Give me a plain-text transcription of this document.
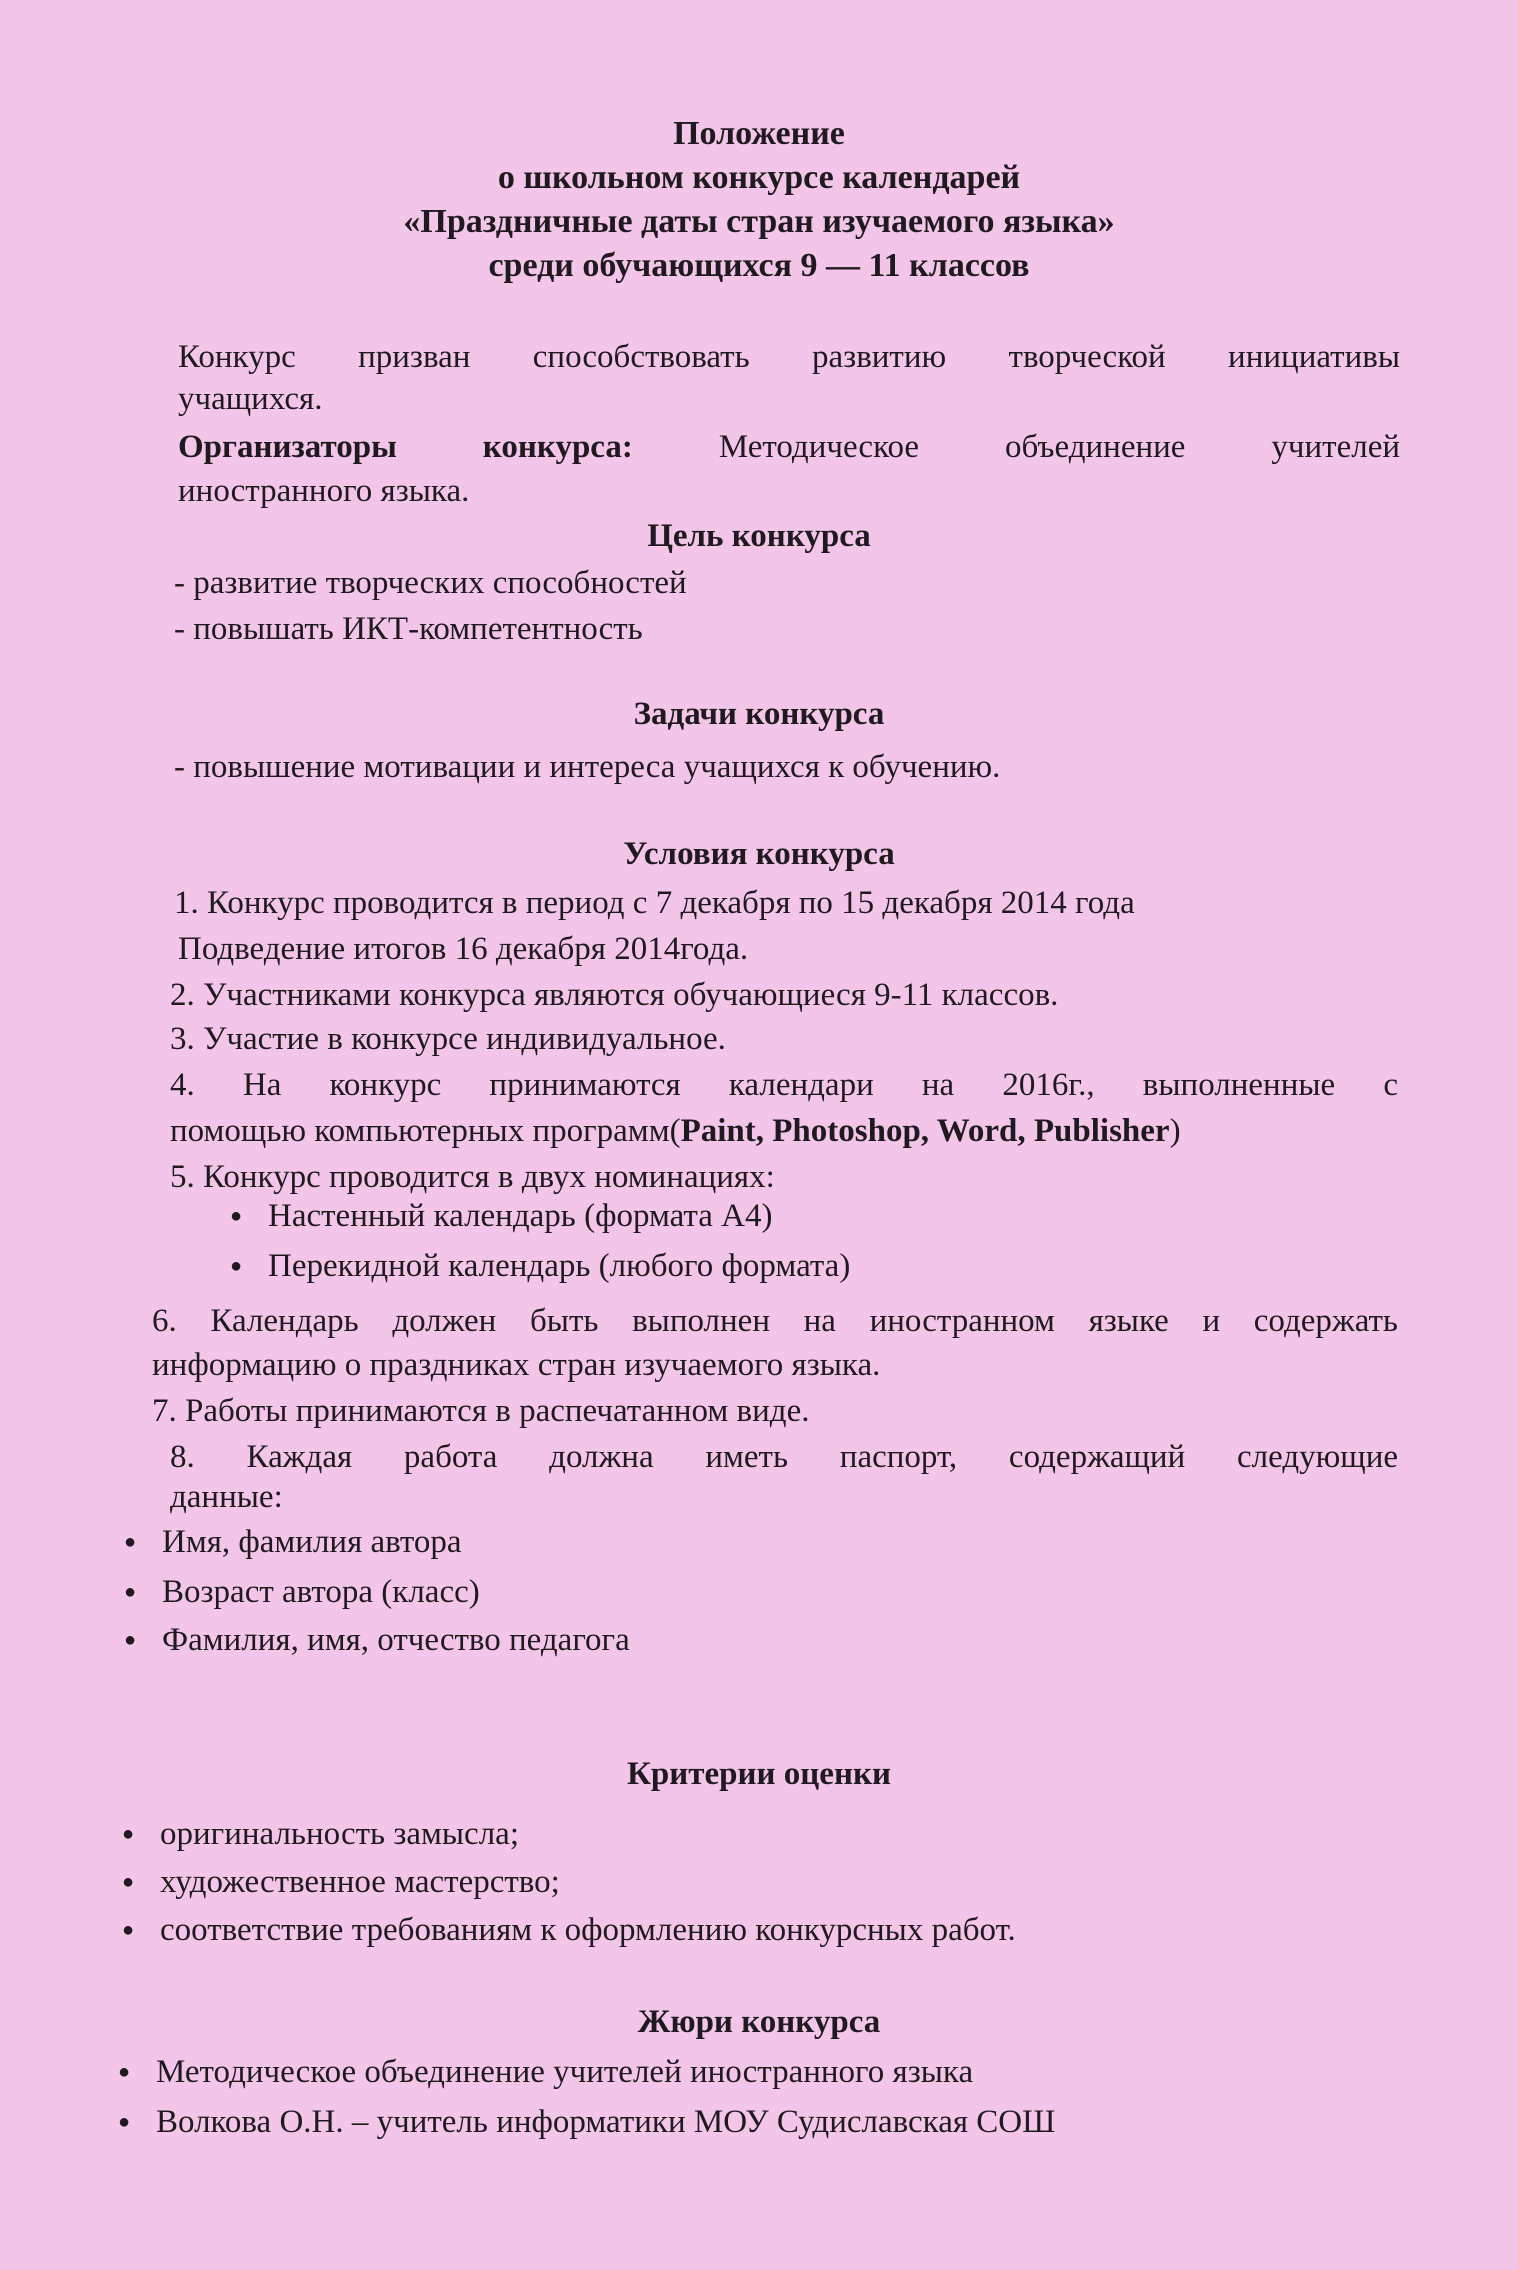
Положение
о школьном конкурсе календарей
«Праздничные даты стран изучаемого языка»
среди обучающихся 9 — 11 классов
Конкурс призван способствовать развитию творческой инициативы
учащихся.
Организаторы конкурса:	Методическое объединение учителей
иностранного языка.
Цель конкурса
- развитие творческих способностей
- повышать ИКТ-компетентность
Задачи конкурса
- повышение мотивации и интереса учащихся к обучению.
Условия конкурса
1. Конкурс проводится в период с 7 декабря по 15 декабря 2014 года
Подведение итогов 16 декабря 2014года.
2. Участниками конкурса являются обучающиеся 9-11 классов.
3. Участие в конкурсе индивидуальное.
4. На конкурс принимаются календари на 2016г., выполненные с
помощью компьютерных программ(Paint, Photoshop, Word, Publisher)
5. Конкурс проводится в двух номинациях:
● Настенный календарь (формата А4)
● Перекидной календарь (любого формата)
6. Календарь должен быть выполнен на иностранном языке и содержать
информацию о праздниках стран изучаемого языка.
7. Работы принимаются в распечатанном виде.
8. Каждая работа должна иметь паспорт, содержащий следующие
данные:
● Имя, фамилия автора
● Возраст автора (класс)
● Фамилия, имя, отчество педагога
Критерии оценки
● оригинальность замысла;
● художественное мастерство;
● соответствие требованиям к оформлению конкурсных работ.
Жюри конкурса
● Методическое объединение учителей иностранного языка
● Волкова О.Н. – учитель информатики МОУ Судиславская СОШ
